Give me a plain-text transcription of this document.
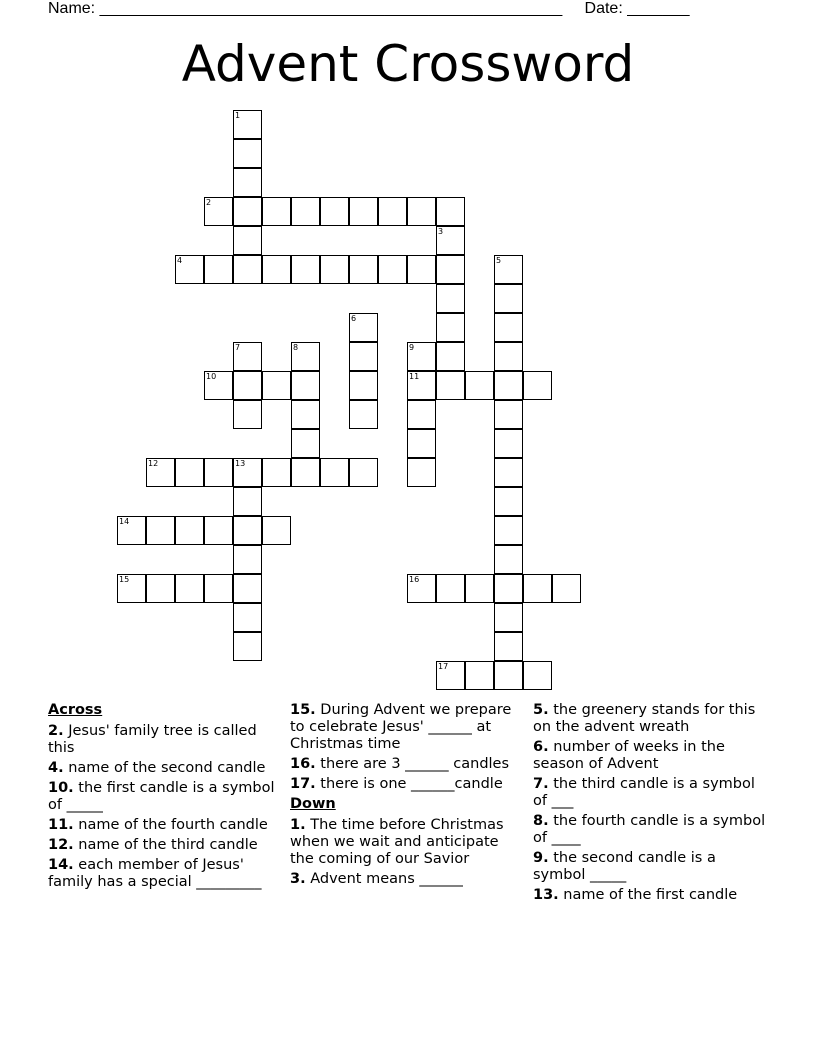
Name: ____________________________________________________ Date: _______
Advent Crossword
1
2
3
4	5
6
7	8	9
11
10
12	13
14
15	16
17
Across
2. Jesus' family tree is called this
4. name of the second candle
10. the first candle is a symbol of _____
11. name of the fourth candle
12. name of the third candle
14. each member of Jesus' family has a special _________
15. During Advent we prepare to celebrate Jesus' ______ at Christmas time
16. there are 3 ______ candles
17. there is one ______candle
Down
1. The time before Christmas when we wait and anticipate the coming of our Savior
3. Advent means ______
5. the greenery stands for this on the advent wreath
6. number of weeks in the season of Advent
7. the third candle is a symbol of ___
8. the fourth candle is a symbol of ____
9. the second candle is a symbol _____
13. name of the first candle
